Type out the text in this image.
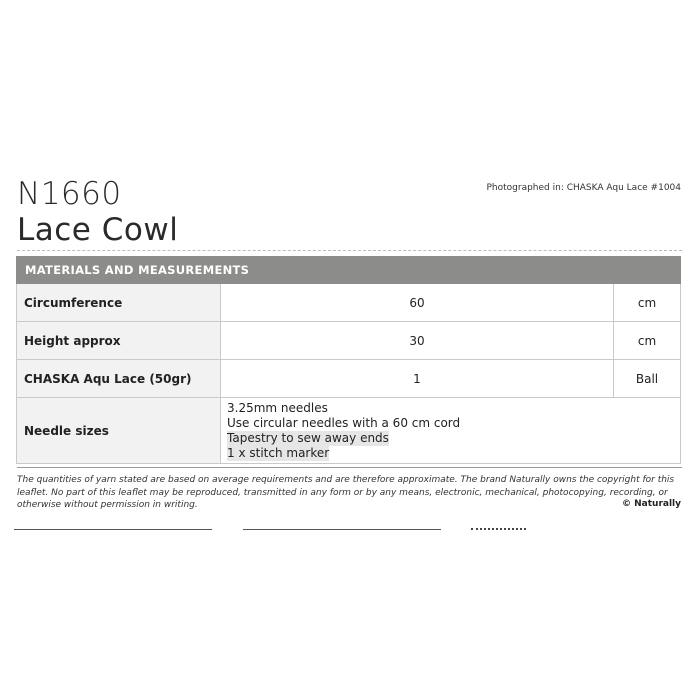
N1660
Lace Cowl
Photographed in: CHASKA Aqu Lace #1004
MATERIALS AND MEASUREMENTS		
Circumference	60	cm
Height approx	30	cm
CHASKA Aqu Lace (50gr)	1	Ball
Needle sizes	3.25mm needles
Use circular needles with a 60 cm cord
Tapestry to sew away ends
1 x stitch marker	
The quantities of yarn stated are based on average requirements and are therefore approximate. The brand Naturally owns the copyright for this leaflet. No part of this leaflet may be reproduced, transmitted in any form or by any means, electronic, mechanical, photocopying, recording, or otherwise without permission in writing.	© Naturally
